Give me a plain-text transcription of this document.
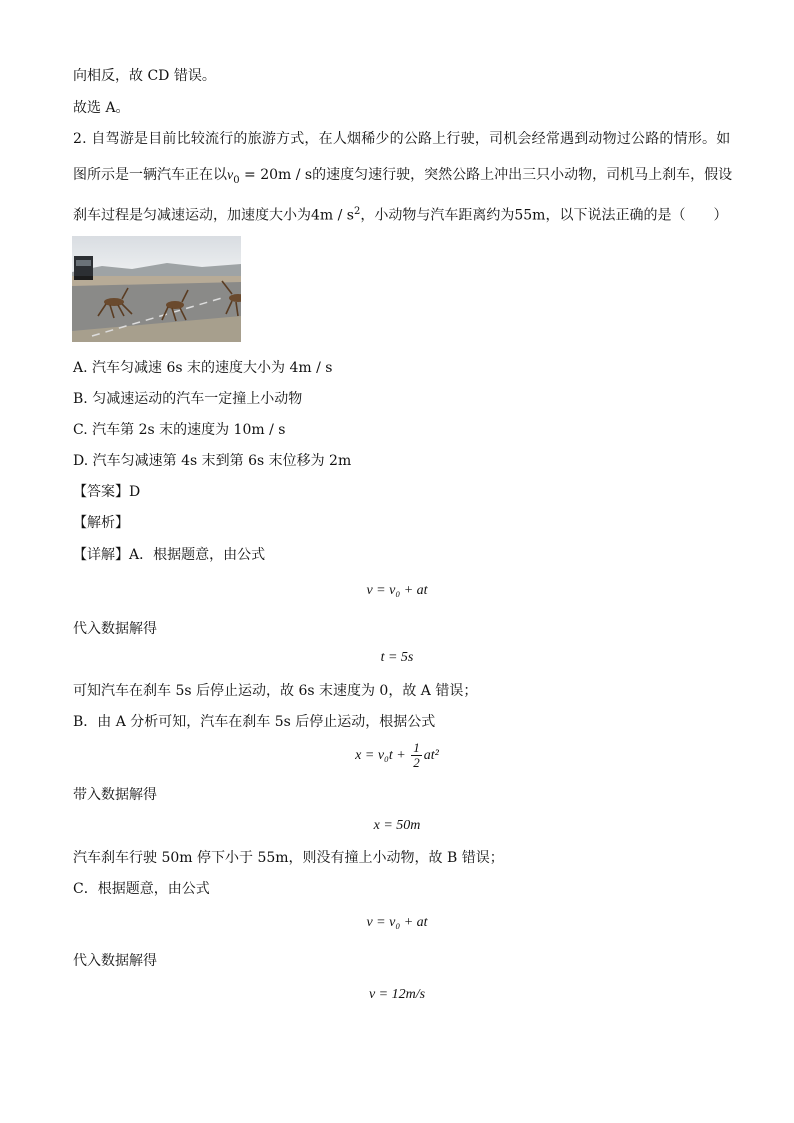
向相反，故 CD 错误。
故选 A。
2. 自驾游是目前比较流行的旅游方式，在人烟稀少的公路上行驶，司机会经常遇到动物过公路的情形。如
图所示是一辆汽车正在以$v_0 = 20m / s$的速度匀速行驶，突然公路上冲出三只小动物，司机马上刹车，假设
刹车过程是匀减速运动，加速度大小为$4m / s^2$，小动物与汽车距离约为55m，以下说法正确的是（　　）
A. 汽车匀减速 6s 末的速度大小为 4m / s
B. 匀减速运动的汽车一定撞上小动物
C. 汽车第 2s 末的速度为 10m / s
D. 汽车匀减速第 4s 末到第 6s 末位移为 2m
【答案】D
【解析】
【详解】A．根据题意，由公式
v = v₀ + at
代入数据解得
t = 5s
可知汽车在刹车 5s 后停止运动，故 6s 末速度为 0，故 A 错误；
B．由 A 分析可知，汽车在刹车 5s 后停止运动，根据公式
$x = v_0t + \frac{1}{2} at^2$
带入数据解得
x = 50m
汽车刹车行驶 50m 停下小于 55m，则没有撞上小动物，故 B 错误；
C．根据题意，由公式
v = v₀ + at
代入数据解得
v = 12m/s
